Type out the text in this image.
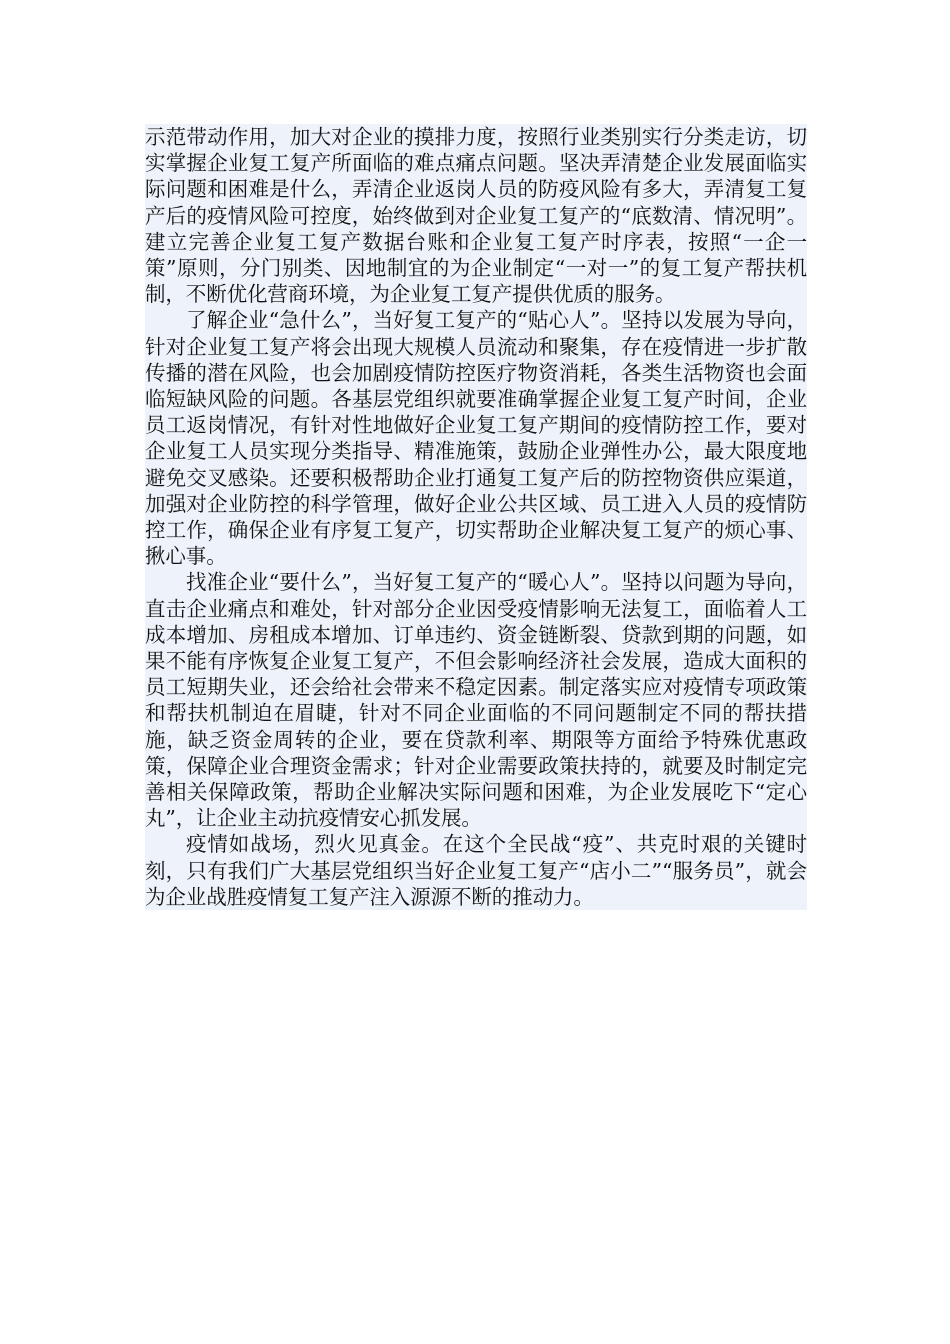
示范带动作用，加大对企业的摸排力度，按照行业类别实行分类走访，切实掌握企业复工复产所面临的难点痛点问题。坚决弄清楚企业发展面临实际问题和困难是什么，弄清企业返岗人员的防疫风险有多大，弄清复工复产后的疫情风险可控度，始终做到对企业复工复产的“底数清、情况明”。建立完善企业复工复产数据台账和企业复工复产时序表，按照“一企一策”原则，分门别类、因地制宜的为企业制定“一对一”的复工复产帮扶机制，不断优化营商环境，为企业复工复产提供优质的服务。

了解企业“急什么”，当好复工复产的“贴心人”。坚持以发展为导向，针对企业复工复产将会出现大规模人员流动和聚集，存在疫情进一步扩散传播的潜在风险，也会加剧疫情防控医疗物资消耗，各类生活物资也会面临短缺风险的问题。各基层党组织就要准确掌握企业复工复产时间，企业员工返岗情况，有针对性地做好企业复工复产期间的疫情防控工作，要对企业复工人员实现分类指导、精准施策，鼓励企业弹性办公，最大限度地避免交叉感染。还要积极帮助企业打通复工复产后的防控物资供应渠道，加强对企业防控的科学管理，做好企业公共区域、员工进入人员的疫情防控工作，确保企业有序复工复产，切实帮助企业解决复工复产的烦心事、揪心事。

找准企业“要什么”，当好复工复产的“暖心人”。坚持以问题为导向，直击企业痛点和难处，针对部分企业因受疫情影响无法复工，面临着人工成本增加、房租成本增加、订单违约、资金链断裂、贷款到期的问题，如果不能有序恢复企业复工复产，不但会影响经济社会发展，造成大面积的员工短期失业，还会给社会带来不稳定因素。制定落实应对疫情专项政策和帮扶机制迫在眉睫，针对不同企业面临的不同问题制定不同的帮扶措施，缺乏资金周转的企业，要在贷款利率、期限等方面给予特殊优惠政策，保障企业合理资金需求；针对企业需要政策扶持的，就要及时制定完善相关保障政策，帮助企业解决实际问题和困难，为企业发展吃下“定心丸”，让企业主动抗疫情安心抓发展。

疫情如战场，烈火见真金。在这个全民战“疫”、共克时艰的关键时刻，只有我们广大基层党组织当好企业复工复产“店小二”“服务员”，就会为企业战胜疫情复工复产注入源源不断的推动力。
